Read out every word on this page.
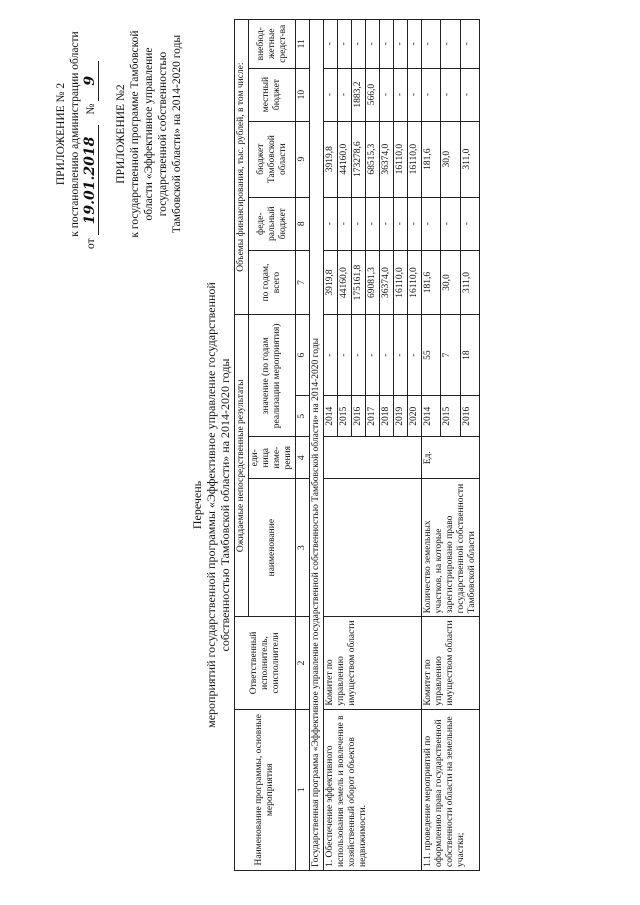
ПРИЛОЖЕНИЕ № 2 к постановлению администрации области
от 19.01.2018 № 9
ПРИЛОЖЕНИЕ №2 к государственной программе Тамбовской области «Эффективное управление государственной собственностью Тамбовской области» на 2014-2020 годы
Перечень мероприятий государственной программы «Эффективное управление государственной собственностью Тамбовской области» на 2014-2020 годы
Наименование программы, основные мероприятия	Ответственный исполнитель, соисполнители	Ожидаемые непосредственные результаты				Объемы финансирования, тыс. рублей, в том числе:				
		наименование	еди-ница изме-рения	значение (по годам реализации мероприятия)		по годам, всего	феде-ральный бюджет	бюджет Тамбовской области	местный бюджет	внебюд-жетные средст-ва
1	2	3	4	5	6	7	8	9	10	11
Государственная программа «Эффективное управление государственной собственностью Тамбовской области» на 2014-2020 годы										
1. Обеспечение эффективного использования земель и вовлечение в хозяйственный оборот объектов недвижимости.	Комитет по управлению имуществом области			2014	-	3919,8	-	3919,8	-	-
				2015	-	44160,0	-	44160,0	-	-
				2016	-	175161,8	-	173278,6	1883,2	-
				2017	-	69081,3	-	68515,3	566,0	-
				2018	-	36374,0	-	36374,0	-	-
				2019	-	16110,0	-	16110,0	-	-
				2020	-	16110,0	-	16110,0	-	-
1.1. проведение мероприятий по оформлению права государственной собственности области на земельные участки;	Комитет по управлению имуществом области	Количество земельных участков, на которые зарегистрировано право государственной собственности Тамбовской области	Ед.	2014	55	181,6	-	181,6	-	-
				2015	7	30,0	-	30,0	-	-
				2016	18	311,0	-	311,0	-	-
